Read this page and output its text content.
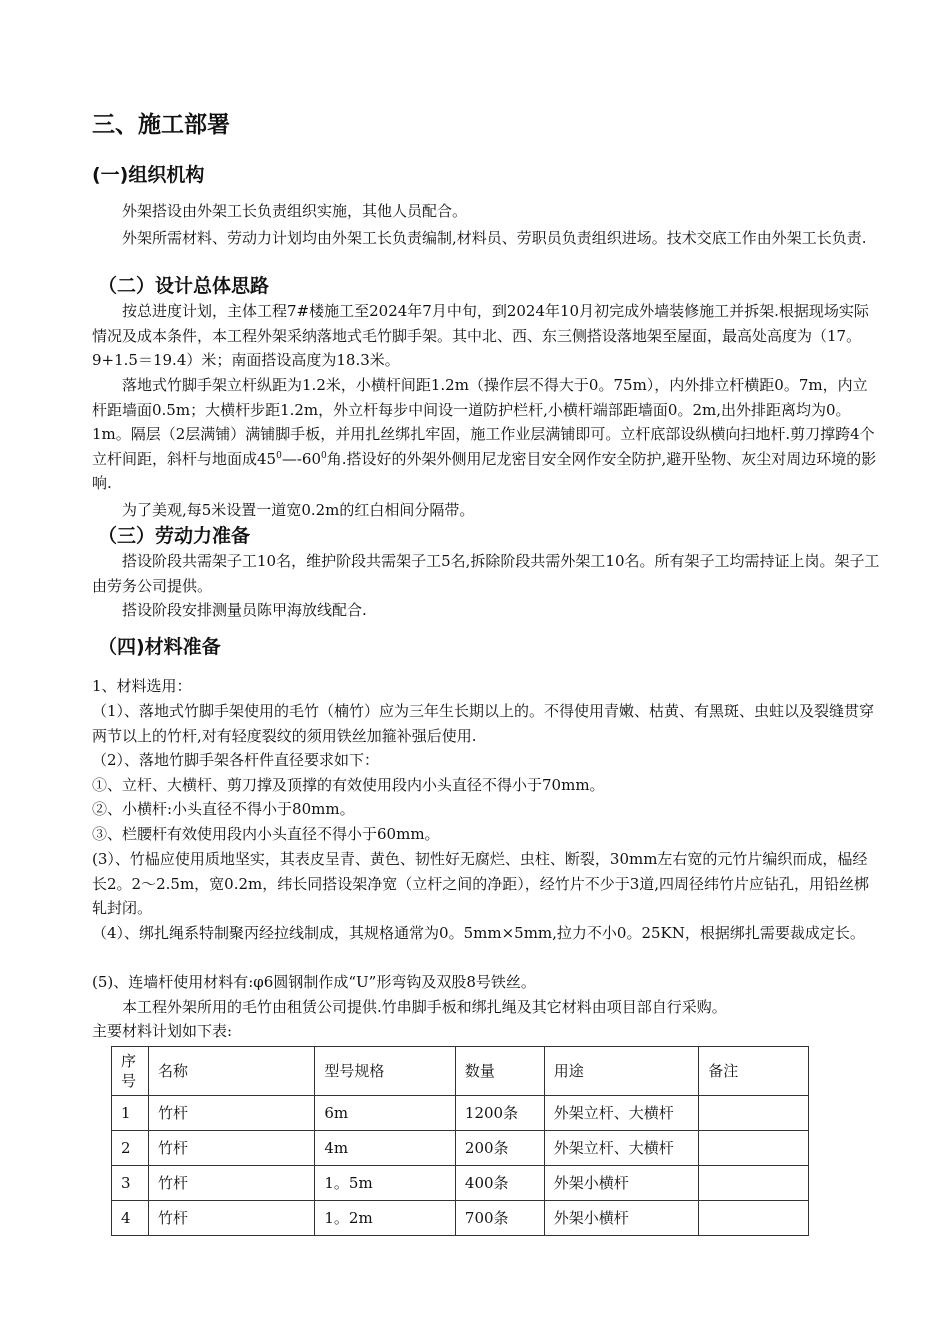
三、施工部署
(一)组织机构
外架搭设由外架工长负责组织实施，其他人员配合。
外架所需材料、劳动力计划均由外架工长负责编制,材料员、劳职员负责组织进场。技术交底工作由外架工长负责.
（二）设计总体思路
按总进度计划，主体工程7#楼施工至2024年7月中旬，到2024年10月初完成外墙装修施工并拆架.根据现场实际情况及成本条件，本工程外架采纳落地式毛竹脚手架。其中北、西、东三侧搭设落地架至屋面，最高处高度为（17。9+1.5＝19.4）米；南面搭设高度为18.3米。
落地式竹脚手架立杆纵距为1.2米，小横杆间距1.2m（操作层不得大于0。75m），内外排立杆横距0。7m，内立杆距墙面0.5m；大横杆步距1.2m，外立杆每步中间设一道防护栏杆,小横杆端部距墙面0。2m,出外排距离均为0。1m。隔层（2层满铺）满铺脚手板，并用扎丝绑扎牢固，施工作业层满铺即可。立杆底部设纵横向扫地杆.剪刀撑跨4个立杆间距，斜杆与地面成$45^0—-60^0$角.搭设好的外架外侧用尼龙密目安全网作安全防护,避开坠物、灰尘对周边环境的影响.
为了美观,每5米设置一道宽0.2m的红白相间分隔带。
（三）劳动力准备
搭设阶段共需架子工10名，维护阶段共需架子工5名,拆除阶段共需外架工10名。所有架子工均需持证上岗。架子工由劳务公司提供。
搭设阶段安排测量员陈甲海放线配合.
（四)材料准备
1、材料选用：
（1）、落地式竹脚手架使用的毛竹（楠竹）应为三年生长期以上的。不得使用青嫩、枯黄、有黑斑、虫蛀以及裂缝贯穿两节以上的竹杆,对有轻度裂纹的须用铁丝加箍补强后使用.
（2）、落地竹脚手架各杆件直径要求如下：
①、立杆、大横杆、剪刀撑及顶撑的有效使用段内小头直径不得小于70mm。
②、小横杆:小头直径不得小于80mm。
③、栏腰杆有效使用段内小头直径不得小于60mm。
(3）、竹榀应使用质地坚实，其表皮呈青、黄色、韧性好无腐烂、虫柱、断裂，30mm左右宽的元竹片编织而成，榀经长2。2～2.5m，宽0.2m，纬长同搭设架净宽（立杆之间的净距），经竹片不少于3道,四周径纬竹片应钻孔，用铅丝梆轧封闭。
（4）、绑扎绳系特制聚丙经拉线制成，其规格通常为0。5mm×5mm,拉力不小0。25KN，根据绑扎需要裁成定长。
(5)、连墙杆使用材料有:φ6圆钢制作成“U”形弯钩及双股8号铁丝。
本工程外架所用的毛竹由租赁公司提供.竹串脚手板和绑扎绳及其它材料由项目部自行采购。
主要材料计划如下表:
序号	名称	型号规格	数量	用途	备注
1	竹杆	6m	1200条	外架立杆、大横杆	
2	竹杆	4m	200条	外架立杆、大横杆	
3	竹杆	1。5m	400条	外架小横杆	
4	竹杆	1。2m	700条	外架小横杆	
